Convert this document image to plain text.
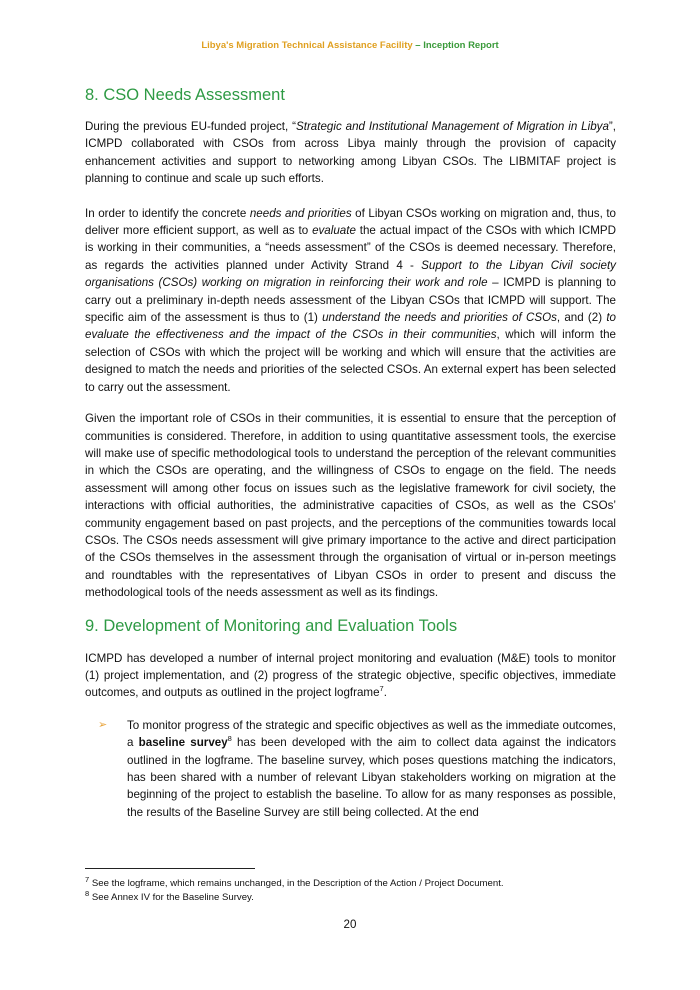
Libya's Migration Technical Assistance Facility – Inception Report
8. CSO Needs Assessment

During the previous EU-funded project, “Strategic and Institutional Management of Migration in Libya”, ICMPD collaborated with CSOs from across Libya mainly through the provision of capacity enhancement activities and support to networking among Libyan CSOs. The LIBMITAF project is planning to continue and scale up such efforts.

In order to identify the concrete needs and priorities of Libyan CSOs working on migration and, thus, to deliver more efficient support, as well as to evaluate the actual impact of the CSOs with which ICMPD is working in their communities, a “needs assessment” of the CSOs is deemed necessary. Therefore, as regards the activities planned under Activity Strand 4 - Support to the Libyan Civil society organisations (CSOs) working on migration in reinforcing their work and role – ICMPD is planning to carry out a preliminary in-depth needs assessment of the Libyan CSOs that ICMPD will support. The specific aim of the assessment is thus to (1) understand the needs and priorities of CSOs, and (2) to evaluate the effectiveness and the impact of the CSOs in their communities, which will inform the selection of CSOs with which the project will be working and which will ensure that the activities are designed to match the needs and priorities of the selected CSOs. An external expert has been selected to carry out the assessment.

Given the important role of CSOs in their communities, it is essential to ensure that the perception of communities is considered. Therefore, in addition to using quantitative assessment tools, the exercise will make use of specific methodological tools to understand the perception of the relevant communities in which the CSOs are operating, and the willingness of CSOs to engage on the field. The needs assessment will among other focus on issues such as the legislative framework for civil society, the interactions with official authorities, the administrative capacities of CSOs, as well as the CSOs’ community engagement based on past projects, and the perceptions of the communities towards local CSOs. The CSOs needs assessment will give primary importance to the active and direct participation of the CSOs themselves in the assessment through the organisation of virtual or in-person meetings and roundtables with the representatives of Libyan CSOs in order to present and discuss the methodological tools of the needs assessment as well as its findings.

9. Development of Monitoring and Evaluation Tools

ICMPD has developed a number of internal project monitoring and evaluation (M&E) tools to monitor (1) project implementation, and (2) progress of the strategic objective, specific objectives, immediate outcomes, and outputs as outlined in the project logframe$^7$.

➢ To monitor progress of the strategic and specific objectives as well as the immediate outcomes, a baseline survey$^8$ has been developed with the aim to collect data against the indicators outlined in the logframe. The baseline survey, which poses questions matching the indicators, has been shared with a number of relevant Libyan stakeholders working on migration at the beginning of the project to establish the baseline. To allow for as many responses as possible, the results of the Baseline Survey are still being collected. At the end

$^7$ See the logframe, which remains unchanged, in the Description of the Action / Project Document.
$^8$ See Annex IV for the Baseline Survey.
20
